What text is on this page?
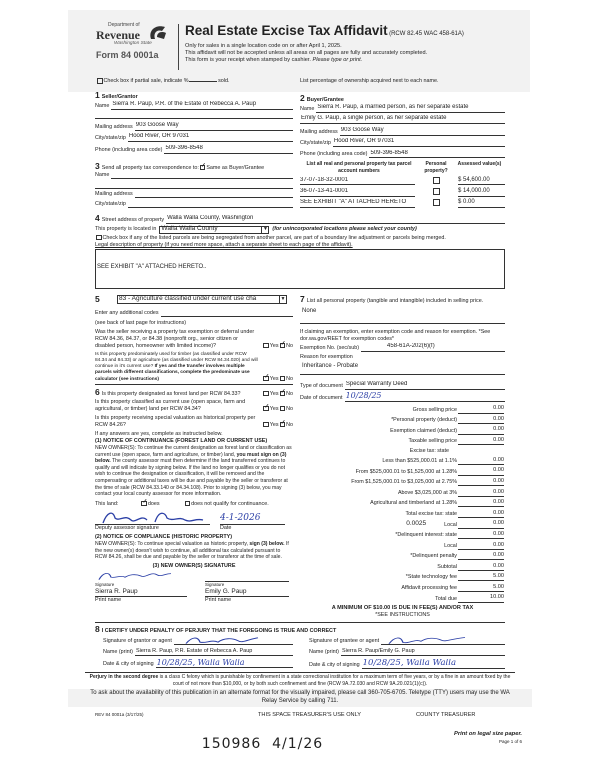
Department of
Revenue
Washington State
Form 84 0001a
Real Estate Excise Tax Affidavit (RCW 82.45 WAC 458-61A)
Only for sales in a single location code on or after April 1, 2025.
This affidavit will not be accepted unless all areas on all pages are fully and accurately completed.
This form is your receipt when stamped by cashier. Please type or print.
Check box if partial sale, indicate %	sold.	List percentage of ownership acquired next to each name.
1 Seller/Grantor
Name Sierra R. Paup, P.R. of the Estate of Rebecca A. Paup
Mailing address 903 Goose Way
City/state/zip Hood River, OR 97031
Phone (including area code) 509-396-8548
2 Buyer/Grantee
Name Sierra R. Paup, a married person, as her separate estate
Emily G. Paup, a single person, as her separate estate
Mailing address 903 Goose Way
City/state/zip Hood River, OR 97031
Phone (including area code) 509-396-8548
3 Send all property tax correspondence to: ✓ Same as Buyer/Grantee
Name
Mailing address
City/state/zip
List all real and personal property tax parcel account numbers
Personal property?
Assessed value(s)
37-07-18-32-0001	$ 54,600.00
36-07-13-41-0001	$ 14,000.00
SEE EXHIBIT "A" ATTACHED HERETO	$ 0.00
4 Street address of property Walla Walla County, Washington
This property is located in Walla Walla County	▼ (for unincorporated locations please select your county)
Check box if any of the listed parcels are being segregated from another parcel, are part of a boundary line adjustment or parcels being merged.
Legal description of property (if you need more space, attach a separate sheet to each page of the affidavit).
SEE EXHIBIT "A" ATTACHED HERETO..
5	83 - Agriculture classified under current use cha	▼
Enter any additional codes
(see back of last page for instructions)
Was the seller receiving a property tax exemption or deferral under RCW 84.36, 84.37, or 84.38 (nonprofit org., senior citizen or disabled person, homeowner with limited income)?	Yes ✓ No
Is this property predominately used for timber (as classified under RCW 84.34 and 84.33) or agriculture (as classified under RCW 84.34.020) and will continue in it's current use? If yes and the transfer involves multiple parcels with different classifications, complete the predominate use calculator (see instructions) ✓	Yes No
6 Is this property designated as forest land per RCW 84.33?	Yes ✓ No
Is this property classified as current use (open space, farm and agricultural, or timber) land per RCW 84.34? ✓	Yes No
Is this property receiving special valuation as historical property per RCW 84.26?	Yes ✓ No
If any answers are yes, complete as instructed below.
(1) NOTICE OF CONTINUANCE (FOREST LAND OR CURRENT USE)
NEW OWNER(S): To continue the current designation as forest land or classification as current use (open space, farm and agriculture, or timber) land, you must sign on (3) below. The county assessor must then determine if the land transferred continues to qualify and will indicate by signing below. If the land no longer qualifies or you do not wish to continue the designation or classification, it will be removed and the compensating or additional taxes will be due and payable by the seller or transferor at the time of sale (RCW 84.33.140 or 84.34.108). Prior to signing (3) below, you may contact your local county assessor for more information.
This land: ✓	does	does not qualify for continuance.
4-1-2026
Deputy assessor signature	Date
(2) NOTICE OF COMPLIANCE (HISTORIC PROPERTY)
NEW OWNER(S): To continue special valuation as historic property, sign (3) below. If the new owner(s) doesn't wish to continue, all additional tax calculated pursuant to RCW 84.26, shall be due and payable by the seller or transferor at the time of sale.
(3) NEW OWNER(S) SIGNATURE
Signature
Sierra R. Paup
Print name
Signature
Emily G. Paup
Print name
7 List all personal property (tangible and intangible) included in selling price.
None
If claiming an exemption, enter exemption code and reason for exemption. *See dor.wa.gov/REET for exemption codes*
Exemption No. (sec/sub)	458-61A-202(6)(f)
Reason for exemption
Inheritance - Probate
Type of document Special Warranty Deed
Date of document 10/28/25
Gross selling price	0.00
*Personal property (deduct)	0.00
Exemption claimed (deduct)	0.00
Taxable selling price	0.00
Excise tax: state
Less than $525,000.01 at 1.1%	0.00
From $525,000.01 to $1,525,000 at 1.28%	0.00
From $1,525,000.01 to $3,025,000 at 2.75%	0.00
Above $3,025,000 at 3%	0.00
Agricultural and timberland at 1.28%	0.00
Total excise tax: state	0.00
0.0025	Local	0.00
*Delinquent interest: state	0.00
Local	0.00
*Delinquent penalty	0.00
Subtotal	0.00
*State technology fee	5.00
Affidavit processing fee	5.00
Total due	10.00
A MINIMUM OF $10.00 IS DUE IN FEE(S) AND/OR TAX
*SEE INSTRUCTIONS
8 I CERTIFY UNDER PENALTY OF PERJURY THAT THE FOREGOING IS TRUE AND CORRECT
Signature of grantor or agent
Name (print) Sierra R. Paup, P.R. Estate of Rebecca A. Paup
Date & city of signing 10/28/25, Walla Walla
Signature of grantee or agent
Name (print) Sierra R. Paup/Emily G. Paup
Date & city of signing 10/28/25, Walla Walla
Perjury in the second degree is a class C felony which is punishable by confinement in a state correctional institution for a maximum term of five years, or by a fine in an amount fixed by the court of not more than $10,000, or by both such confinement and fine (RCW 9A.72.030 and RCW 9A.20.021(1)(c)).
To ask about the availability of this publication in an alternate format for the visually impaired, please call 360-705-6705. Teletype (TTY) users may use the WA Relay Service by calling 711.
REV 84 0001a (3/17/25)	THIS SPACE TREASURER'S USE ONLY	COUNTY TREASURER
150986  4/1/26
Print on legal size paper.
Page 1 of 6
